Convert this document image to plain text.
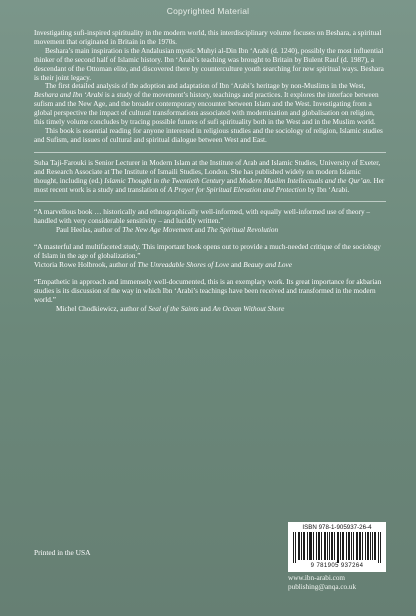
Copyrighted Material

Investigating sufi-inspired spirituality in the modern world, this interdisciplinary volume focuses on Beshara, a spiritual movement that originated in Britain in the 1970s.

Beshara’s main inspiration is the Andalusian mystic Muhyi al-Din Ibn ‘Arabi (d. 1240), possibly the most influential thinker of the second half of Islamic history. Ibn ‘Arabi’s teaching was brought to Britain by Bulent Rauf (d. 1987), a descendant of the Ottoman elite, and discovered there by counterculture youth searching for new spiritual ways. Beshara is their joint legacy.

The first detailed analysis of the adoption and adaptation of Ibn ‘Arabi’s heritage by non-Muslims in the West, Beshara and Ibn ‘Arabi is a study of the movement’s history, teachings and practices. It explores the interface between sufism and the New Age, and the broader contemporary encounter between Islam and the West. Investigating from a global perspective the impact of cultural transformations associated with modernisation and globalisation on religion, this timely volume concludes by tracing possible futures of sufi spirituality both in the West and in the Muslim world.

This book is essential reading for anyone interested in religious studies and the sociology of religion, Islamic studies and Sufism, and issues of cultural and spiritual dialogue between West and East.

Suha Taji-Farouki is Senior Lecturer in Modern Islam at the Institute of Arab and Islamic Studies, University of Exeter, and Research Associate at The Institute of Ismaili Studies, London. She has published widely on modern Islamic thought, including (ed.) Islamic Thought in the Twentieth Century and Modern Muslim Intellectuals and the Qur’an. Her most recent work is a study and translation of A Prayer for Spiritual Elevation and Protection by Ibn ‘Arabi.

“A marvellous book … historically and ethnographically well-informed, with equally well-informed use of theory – handled with very considerable sensitivity – and lucidly written.”

Paul Heelas, author of The New Age Movement and The Spiritual Revolution

“A masterful and multifaceted study. This important book opens out to provide a much-needed critique of the sociology of Islam in the age of globalization.”

Victoria Rowe Holbrook, author of The Unreadable Shores of Love and Beauty and Love

“Empathetic in approach and immensely well-documented, this is an exemplary work. Its great importance for akbarian studies is its discussion of the way in which Ibn ‘Arabi’s teachings have been received and transformed in the modern world.”

Michel Chodkiewicz, author of Seal of the Saints and An Ocean Without Shore

Printed in the USA
ISBN 978-1-905937-26-4
9 781905 937264
www.ibn-arabi.com
publishing@anqa.co.uk
